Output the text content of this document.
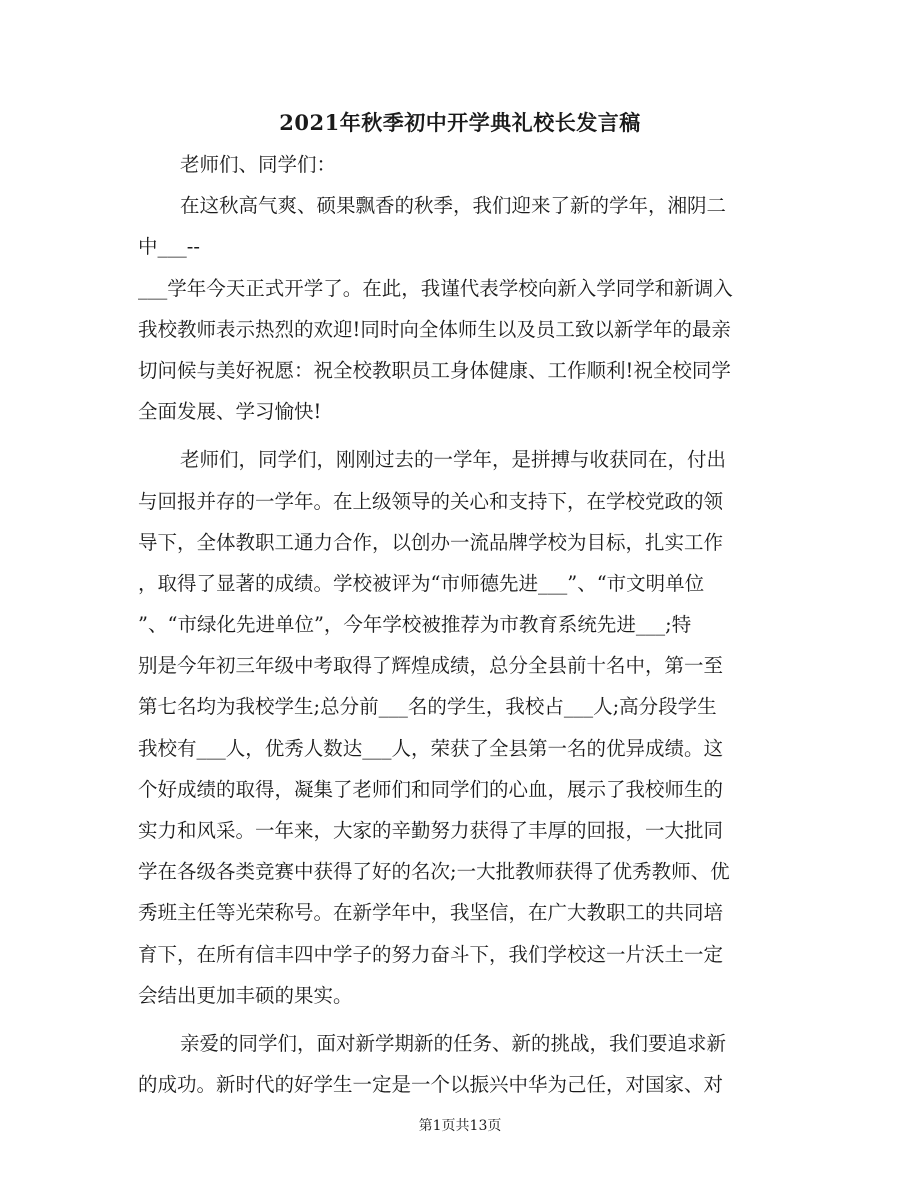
2021年秋季初中开学典礼校长发言稿
老师们、同学们：
在这秋高气爽、硕果飘香的秋季，我们迎来了新的学年，湘阴二
中___--
___学年今天正式开学了。在此，我谨代表学校向新入学同学和新调入
我校教师表示热烈的欢迎!同时向全体师生以及员工致以新学年的最亲
切问候与美好祝愿：祝全校教职员工身体健康、工作顺利!祝全校同学
全面发展、学习愉快!
老师们，同学们，刚刚过去的一学年，是拼搏与收获同在，付出
与回报并存的一学年。在上级领导的关心和支持下，在学校党政的领
导下，全体教职工通力合作，以创办一流品牌学校为目标，扎实工作
，取得了显著的成绩。学校被评为“市师德先进___”、“市文明单位
”、“市绿化先进单位”，今年学校被推荐为市教育系统先进___;特
别是今年初三年级中考取得了辉煌成绩，总分全县前十名中，第一至
第七名均为我校学生;总分前___名的学生，我校占___人;高分段学生
我校有___人，优秀人数达___人，荣获了全县第一名的优异成绩。这
个好成绩的取得，凝集了老师们和同学们的心血，展示了我校师生的
实力和风采。一年来，大家的辛勤努力获得了丰厚的回报，一大批同
学在各级各类竞赛中获得了好的名次;一大批教师获得了优秀教师、优
秀班主任等光荣称号。在新学年中，我坚信，在广大教职工的共同培
育下，在所有信丰四中学子的努力奋斗下，我们学校这一片沃土一定
会结出更加丰硕的果实。
亲爱的同学们，面对新学期新的任务、新的挑战，我们要追求新
的成功。新时代的好学生一定是一个以振兴中华为己任，对国家、对
第1页共13页
